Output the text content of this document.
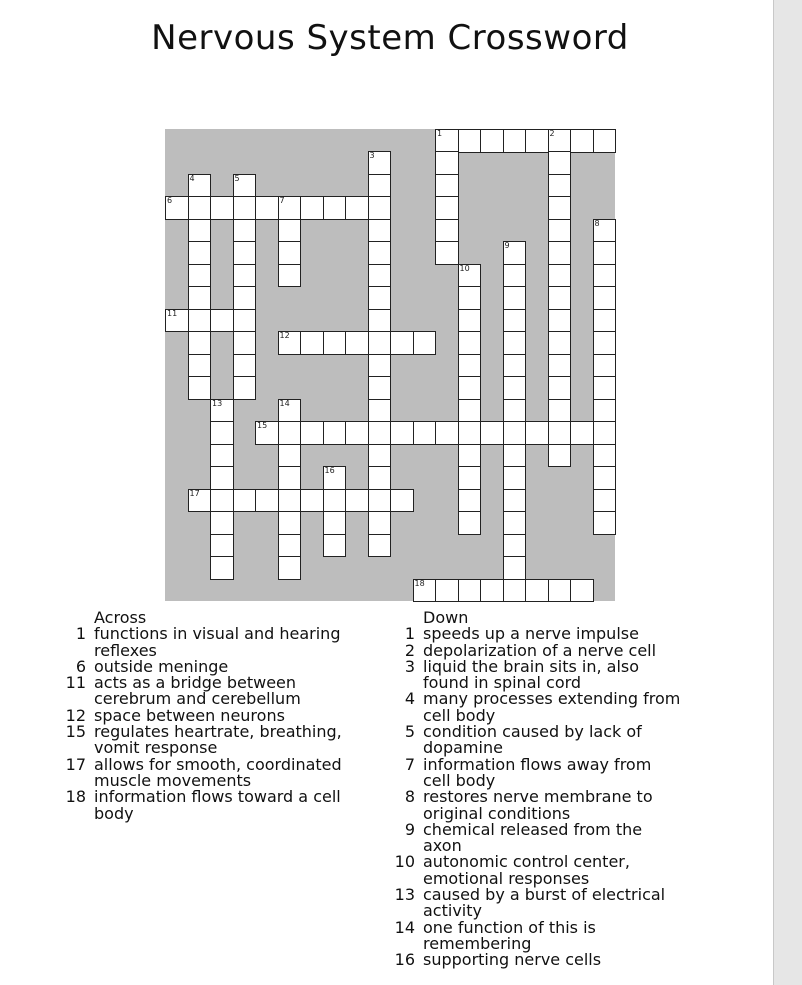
Nervous System Crossword
1	2
3
4	5
6	7
8
9
10
11
12
13	14
15
16
17
18
Across
1 functions in visual and hearing reflexes
6 outside meninge
11 acts as a bridge between cerebrum and cerebellum
12 space between neurons
15 regulates heartrate, breathing, vomit response
17 allows for smooth, coordinated muscle movements
18 information flows toward a cell body
Down
1 speeds up a nerve impulse
2 depolarization of a nerve cell
3 liquid the brain sits in, also found in spinal cord
4 many processes extending from cell body
5 condition caused by lack of dopamine
7 information flows away from cell body
8 restores nerve membrane to original conditions
9 chemical released from the axon
10 autonomic control center, emotional responses
13 caused by a burst of electrical activity
14 one function of this is remembering
16 supporting nerve cells
